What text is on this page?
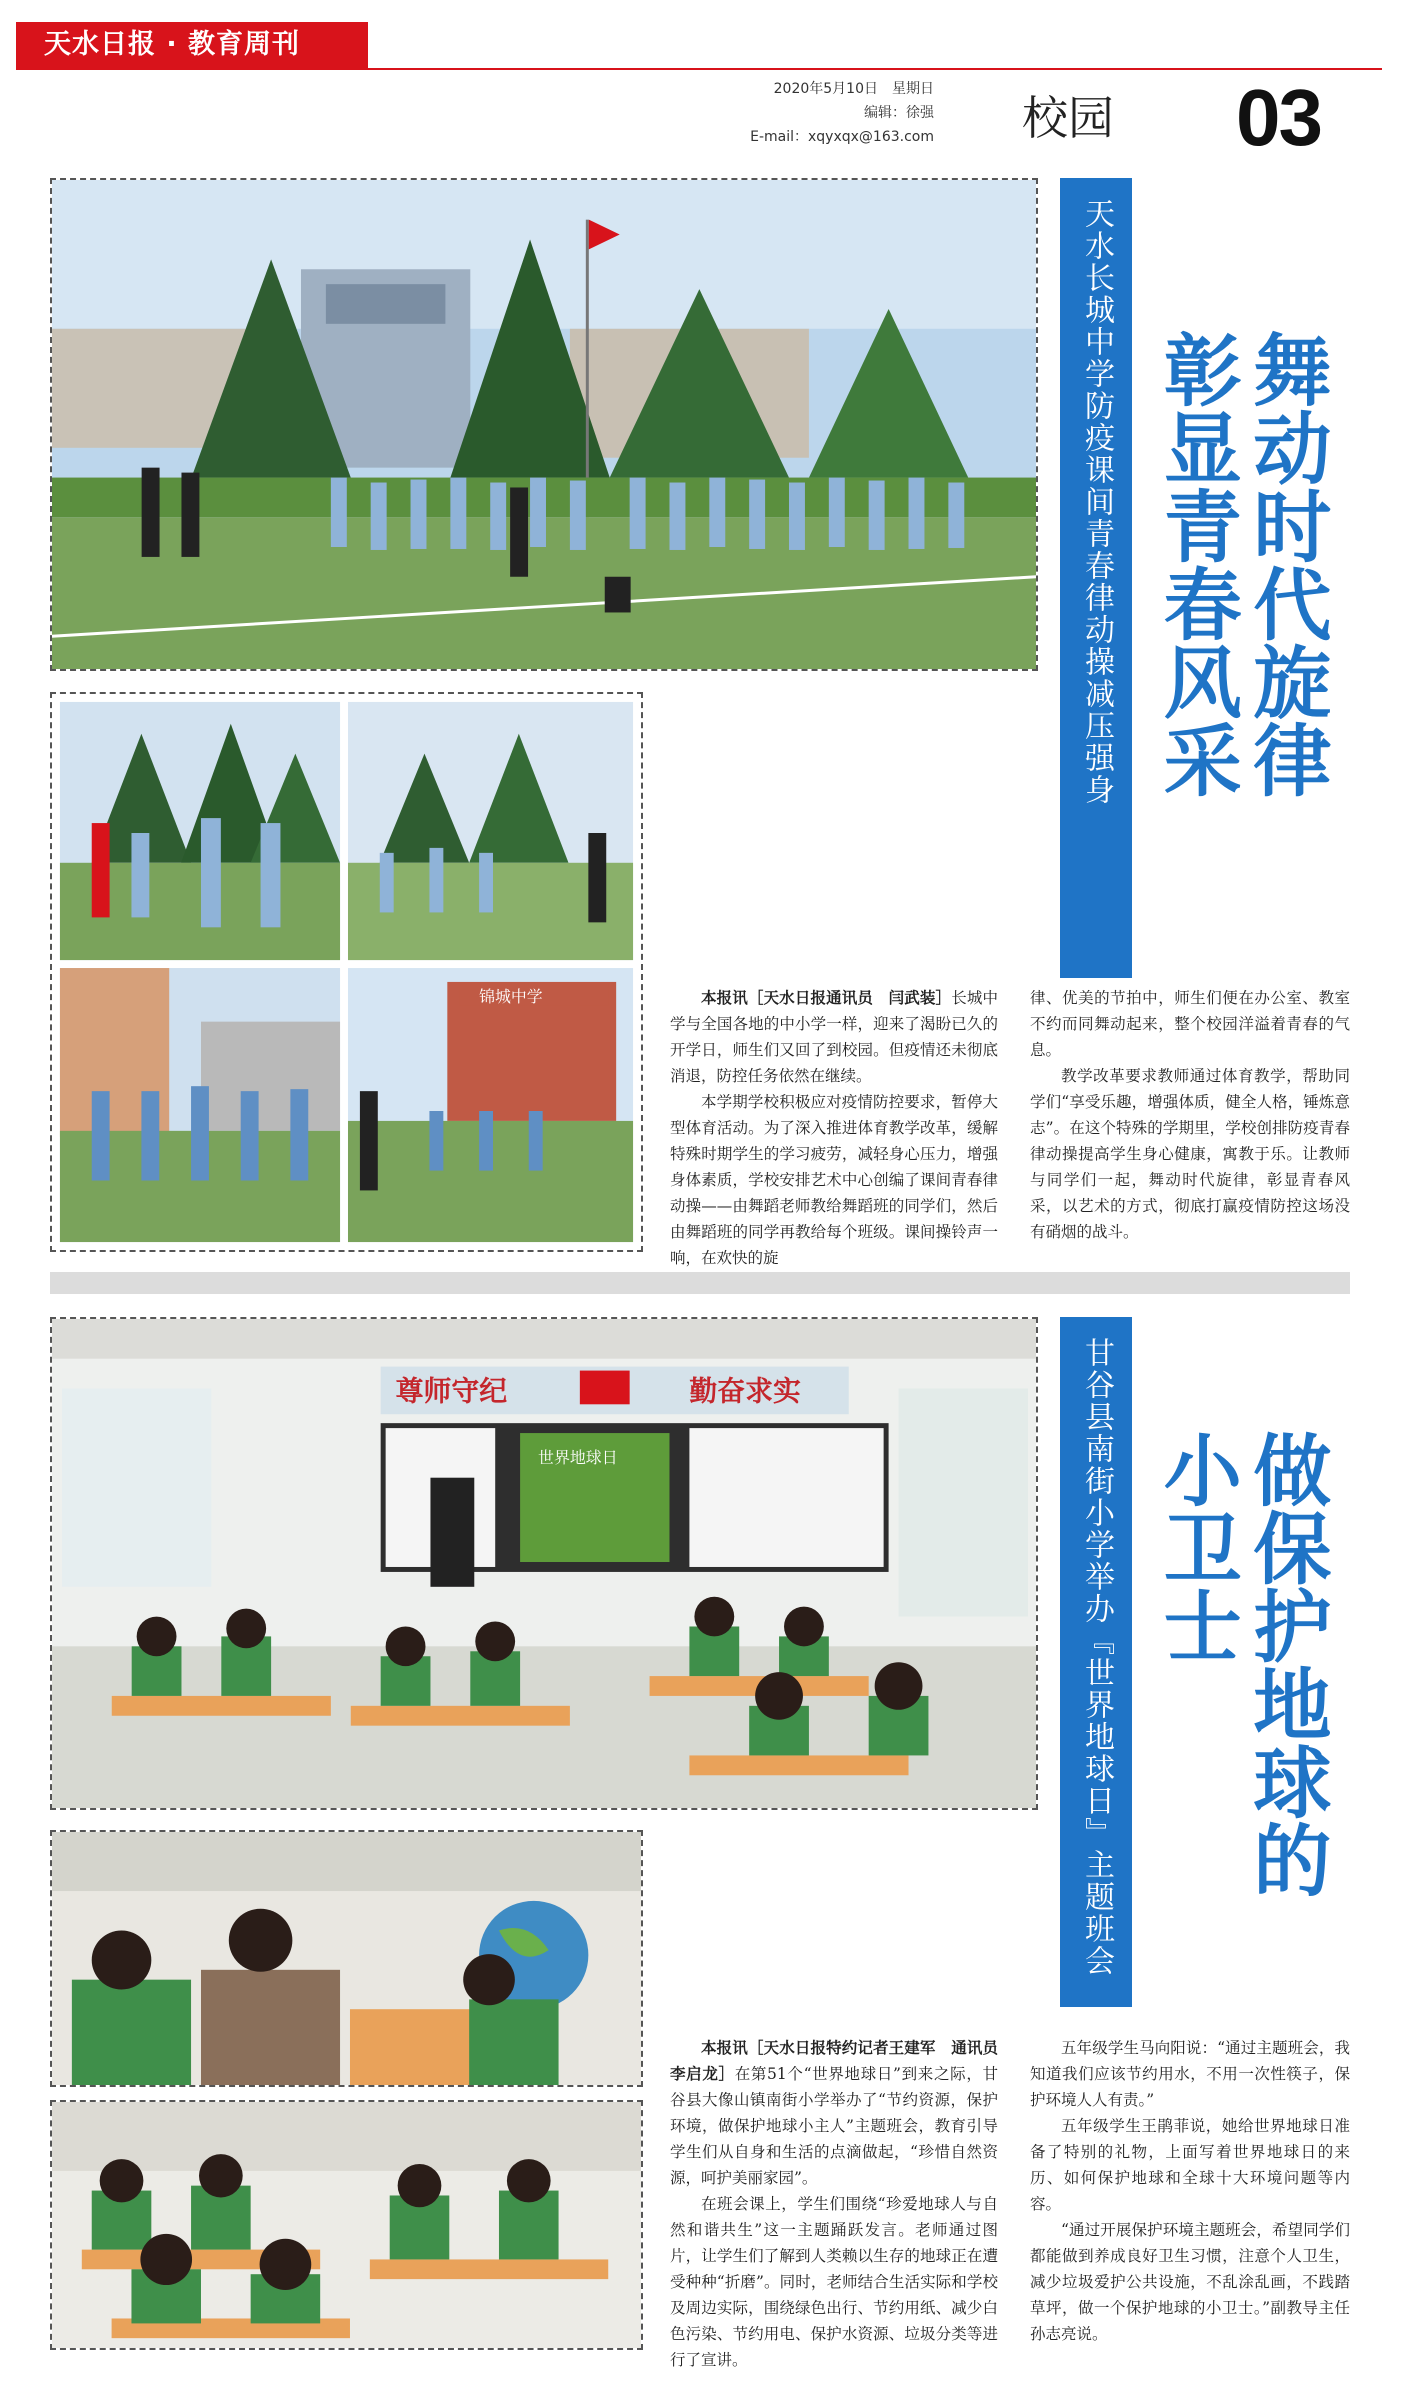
天水日报 · 教育周刊
2020年5月10日　星期日
编辑：徐强
E-mail：xqyxqx@163.com 校园 03
天水长城中学防疫课间青春律动操减压强身	舞动时代旋律
彰显青春风采
锦城中学	本报讯［天水日报通讯员　闫武装］长城中学与全国各地的中小学一样，迎来了渴盼已久的开学日，师生们又回了到校园。但疫情还未彻底消退，防控任务依然在继续。

本学期学校积极应对疫情防控要求，暂停大型体育活动。为了深入推进体育教学改革，缓解特殊时期学生的学习疲劳，减轻身心压力，增强身体素质，学校安排艺术中心创编了课间青春律动操——由舞蹈老师教给舞蹈班的同学们，然后由舞蹈班的同学再教给每个班级。课间操铃声一响，在欢快的旋

律、优美的节拍中，师生们便在办公室、教室不约而同舞动起来，整个校园洋溢着青春的气息。

教学改革要求教师通过体育教学，帮助同学们“享受乐趣，增强体质，健全人格，锤炼意志”。在这个特殊的学期里，学校创排防疫青春律动操提高学生身心健康，寓教于乐。让教师与同学们一起，舞动时代旋律，彰显青春风采，以艺术的方式，彻底打赢疫情防控这场没有硝烟的战斗。

尊师守纪	勤奋求实
世界地球日	甘谷县南街小学举办『世界地球日』主题班会	做保护地球的
小卫士

本报讯［天水日报特约记者王建军　通讯员李启龙］在第51个“世界地球日”到来之际，甘谷县大像山镇南街小学举办了“节约资源，保护环境，做保护地球小主人”主题班会，教育引导学生们从自身和生活的点滴做起，“珍惜自然资源，呵护美丽家园”。

在班会课上，学生们围绕“珍爱地球人与自然和谐共生”这一主题踊跃发言。老师通过图片，让学生们了解到人类赖以生存的地球正在遭受种种“折磨”。同时，老师结合生活实际和学校及周边实际，围绕绿色出行、节约用纸、减少白色污染、节约用电、保护水资源、垃圾分类等进行了宣讲。

五年级学生马向阳说：“通过主题班会，我知道我们应该节约用水，不用一次性筷子，保护环境人人有责。”

五年级学生王鹃菲说，她给世界地球日准备了特别的礼物，上面写着世界地球日的来历、如何保护地球和全球十大环境问题等内容。

“通过开展保护环境主题班会，希望同学们都能做到养成良好卫生习惯，注意个人卫生，减少垃圾爱护公共设施，不乱涂乱画，不践踏草坪，做一个保护地球的小卫士。”副教导主任孙志亮说。
